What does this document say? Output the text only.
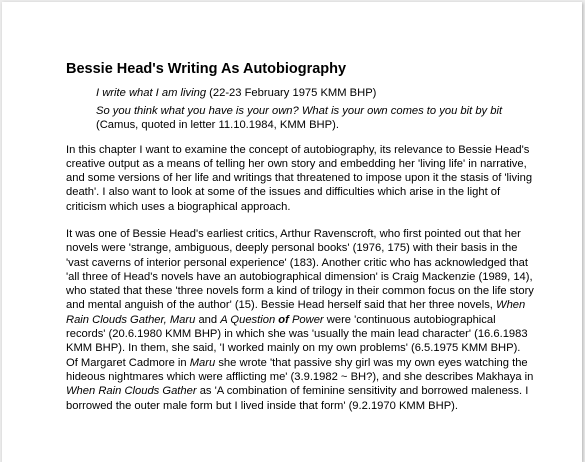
Bessie Head's Writing As Autobiography

I write what I am living (22-23 February 1975 KMM BHP)

So you think what you have is your own? What is your own comes to you bit by bit (Camus, quoted in letter 11.10.1984, KMM BHP).

In this chapter I want to examine the concept of autobiography, its relevance to Bessie Head's creative output as a means of telling her own story and embedding her 'living life' in narrative, and some versions of her life and writings that threatened to impose upon it the stasis of 'living death'. I also want to look at some of the issues and difficulties which arise in the light of criticism which uses a biographical approach.

It was one of Bessie Head's earliest critics, Arthur Ravenscroft, who first pointed out that her novels were 'strange, ambiguous, deeply personal books' (1976, 175) with their basis in the 'vast caverns of interior personal experience' (183). Another critic who has acknowledged that 'all three of Head's novels have an autobiographical dimension' is Craig Mackenzie (1989, 14), who stated that these 'three novels form a kind of trilogy in their common focus on the life story and mental anguish of the author' (15). Bessie Head herself said that her three novels, When Rain Clouds Gather, Maru and A Question of Power were 'continuous autobiographical records' (20.6.1980 KMM BHP) in which she was 'usually the main lead character' (16.6.1983 KMM BHP). In them, she said, 'I worked mainly on my own problems' (6.5.1975 KMM BHP). Of Margaret Cadmore in Maru she wrote 'that passive shy girl was my own eyes watching the hideous nightmares which were afflicting me' (3.9.1982 ~ BH?), and she describes Makhaya in When Rain Clouds Gather as 'A combination of feminine sensitivity and borrowed maleness. I borrowed the outer male form but I lived inside that form' (9.2.1970 KMM BHP).
